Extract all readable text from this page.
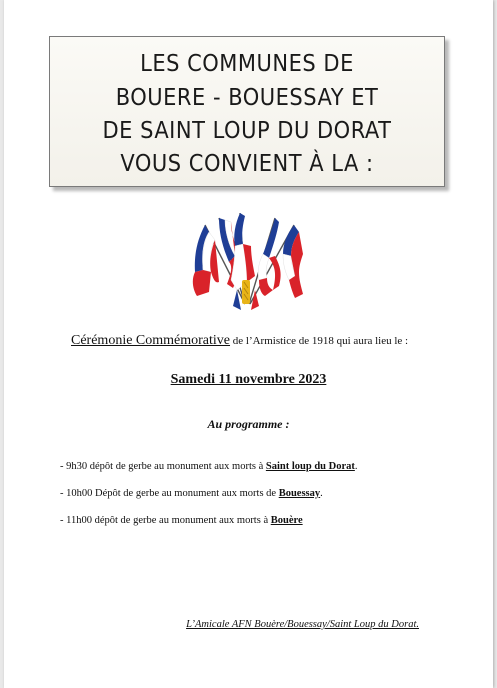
LES COMMUNES DE
BOUERE - BOUESSAY ET
DE SAINT LOUP DU DORAT
VOUS CONVIENT À LA :
Cérémonie Commémorative de l’Armistice de 1918 qui aura lieu le :
Samedi 11 novembre 2023
Au programme :
- 9h30 dépôt de gerbe au monument aux morts à Saint loup du Dorat.
- 10h00 Dépôt de gerbe au monument aux morts de Bouessay.
- 11h00 dépôt de gerbe au monument aux morts à Bouère
L’Amicale AFN Bouère/Bouessay/Saint Loup du Dorat.
